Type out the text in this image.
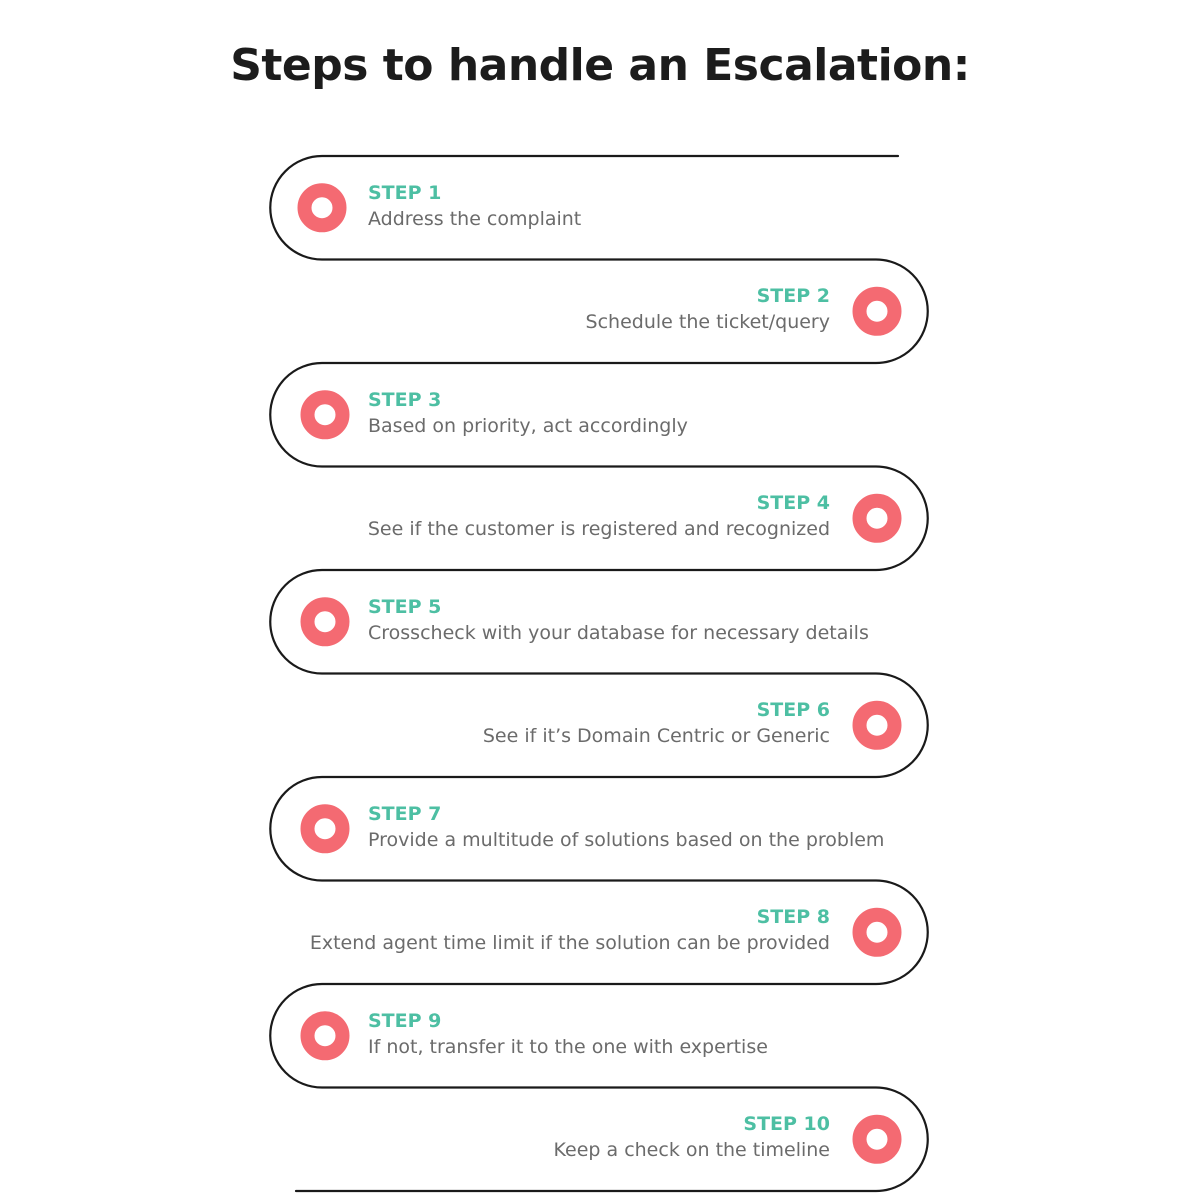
Steps to handle an Escalation:
STEP 1
Address the complaint
STEP 2
Schedule the ticket/query
STEP 3
Based on priority, act accordingly
STEP 4
See if the customer is registered and recognized
STEP 5
Crosscheck with your database for necessary details
STEP 6
See if it’s Domain Centric or Generic
STEP 7
Provide a multitude of solutions based on the problem
STEP 8
Extend agent time limit if the solution can be provided
STEP 9
If not, transfer it to the one with expertise
STEP 10
Keep a check on the timeline
